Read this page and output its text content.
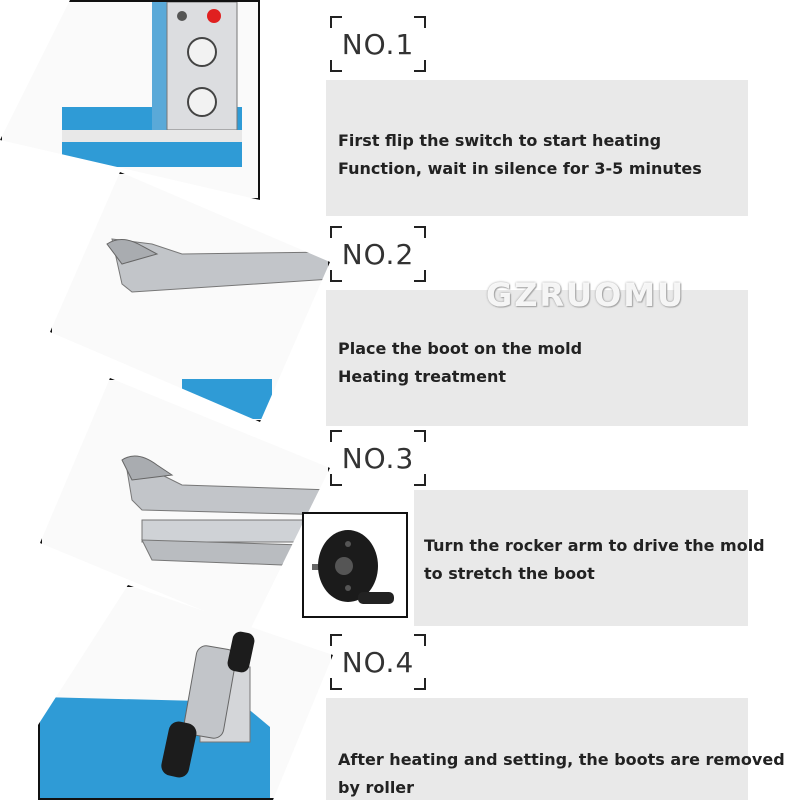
NO.1
First flip the switch to start heating
Function, wait in silence for 3-5 minutes
NO.2
Place the boot on the mold
Heating treatment
NO.3
Turn the rocker arm to drive the mold
to stretch the boot
NO.4
After heating and setting, the boots are removed
by roller
GZRUOMU
